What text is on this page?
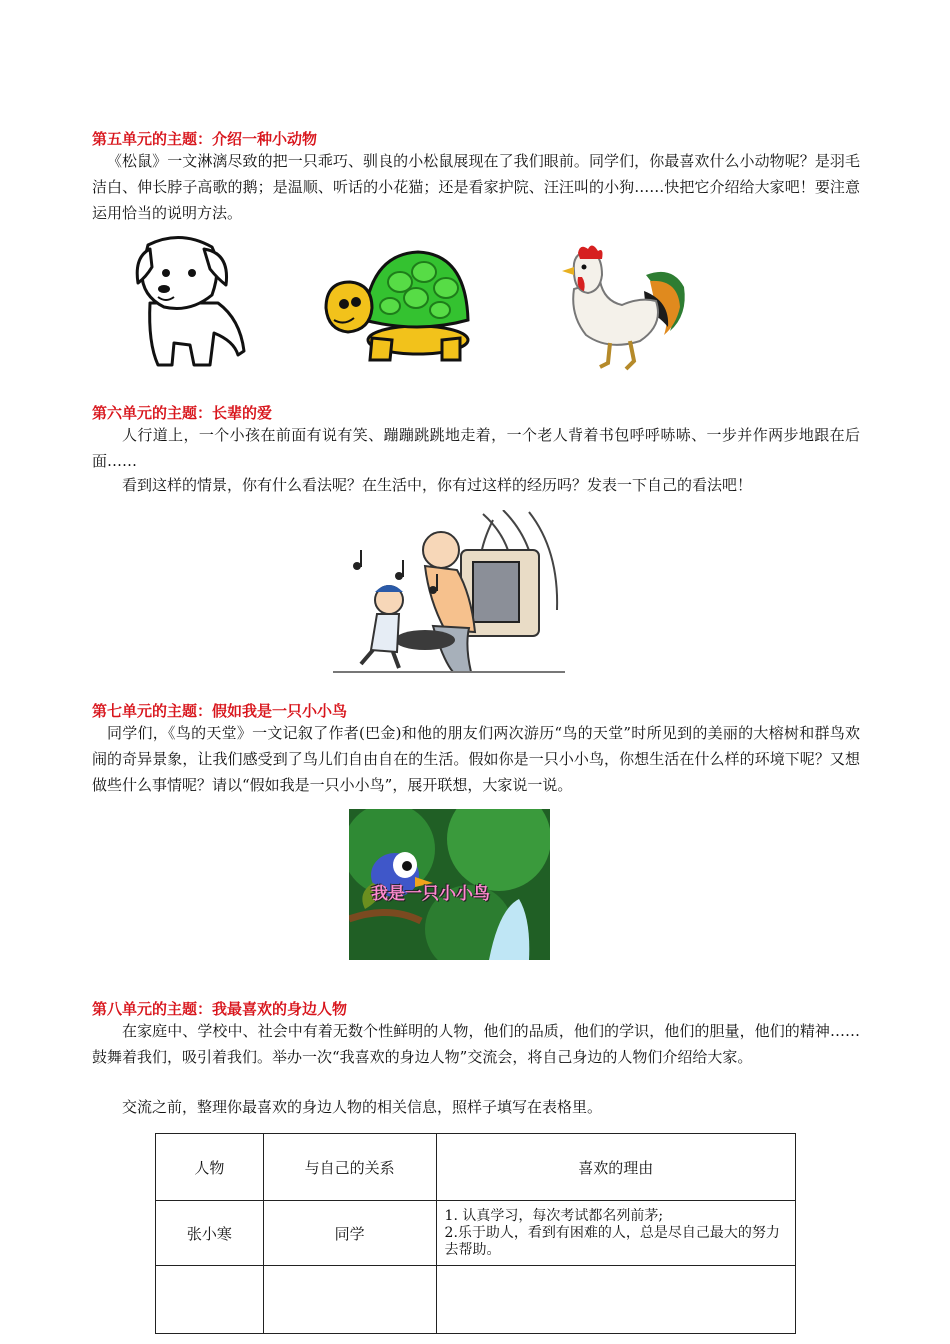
第五单元的主题：介绍一种小动物

《松鼠》一文淋漓尽致的把一只乖巧、驯良的小松鼠展现在了我们眼前。同学们，你最喜欢什么小动物呢？是羽毛洁白、伸长脖子高歌的鹅；是温顺、听话的小花猫；还是看家护院、汪汪叫的小狗……快把它介绍给大家吧！要注意运用恰当的说明方法。

第六单元的主题：长辈的爱

人行道上，一个小孩在前面有说有笑、蹦蹦跳跳地走着，一个老人背着书包呼呼哧哧、一步并作两步地跟在后面……

看到这样的情景，你有什么看法呢？在生活中，你有过这样的经历吗？发表一下自己的看法吧！

第七单元的主题：假如我是一只小小鸟

同学们，《鸟的天堂》一文记叙了作者(巴金)和他的朋友们两次游历“鸟的天堂”时所见到的美丽的大榕树和群鸟欢闹的奇异景象，让我们感受到了鸟儿们自由自在的生活。假如你是一只小小鸟，你想生活在什么样的环境下呢？又想做些什么事情呢？请以“假如我是一只小小鸟”，展开联想，大家说一说。

我是一只小小鸟

第八单元的主题：我最喜欢的身边人物

在家庭中、学校中、社会中有着无数个性鲜明的人物，他们的品质，他们的学识，他们的胆量，他们的精神……鼓舞着我们，吸引着我们。举办一次“我喜欢的身边人物”交流会，将自己身边的人物们介绍给大家。

交流之前，整理你最喜欢的身边人物的相关信息，照样子填写在表格里。

人物	与自己的关系	喜欢的理由
张小寒	同学	1. 认真学习，每次考试都名列前茅;
2.乐于助人，看到有困难的人，总是尽自己最大的努力去帮助。
